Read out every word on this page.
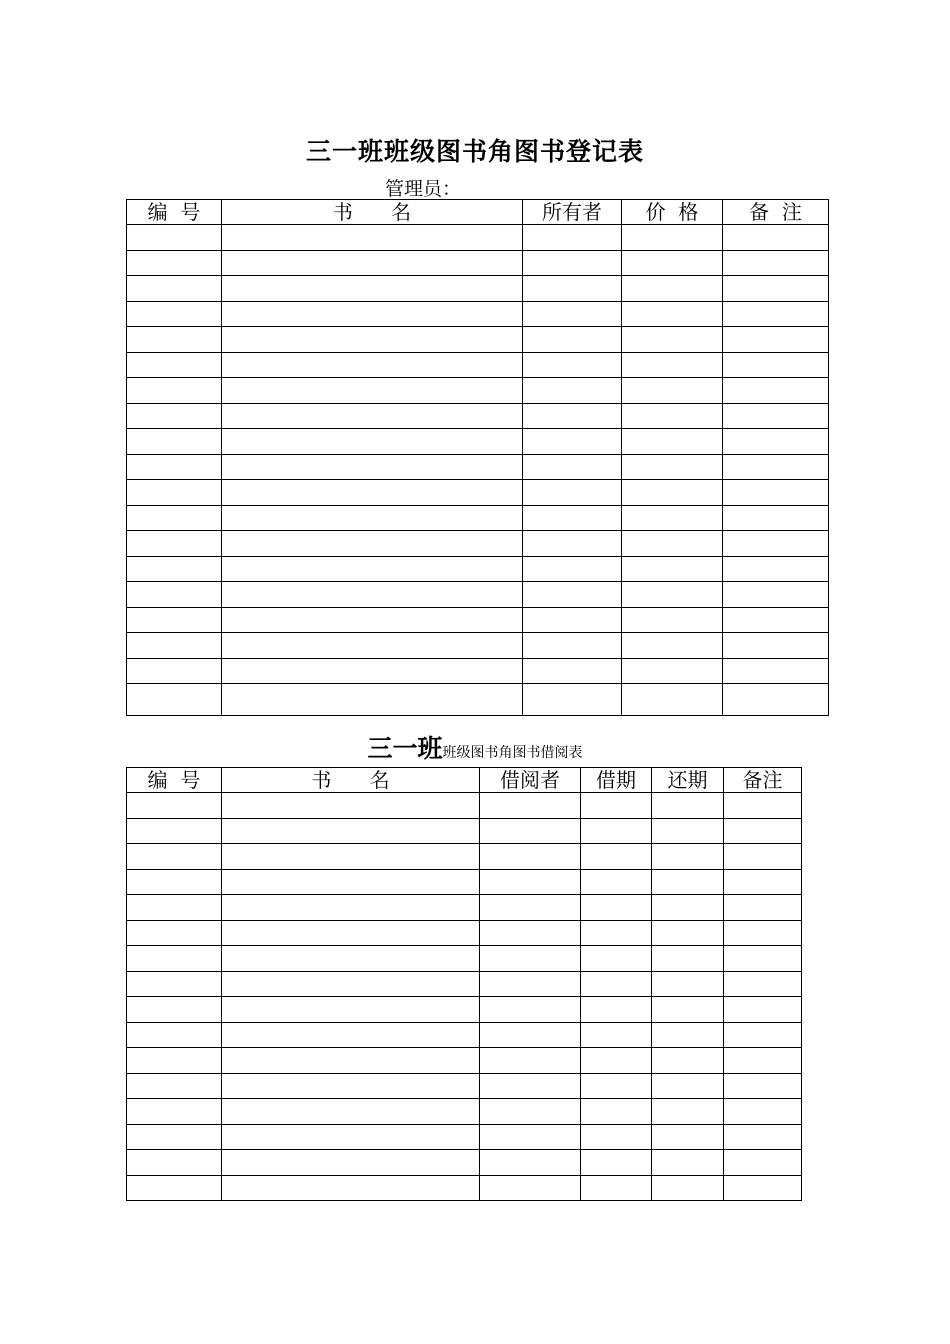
三一班班级图书角图书登记表
管理员：
编  号	书      名	所有者	价  格	备  注

三一班班级图书角图书借阅表
编  号	书      名	借阅者	借期	还期	备注
